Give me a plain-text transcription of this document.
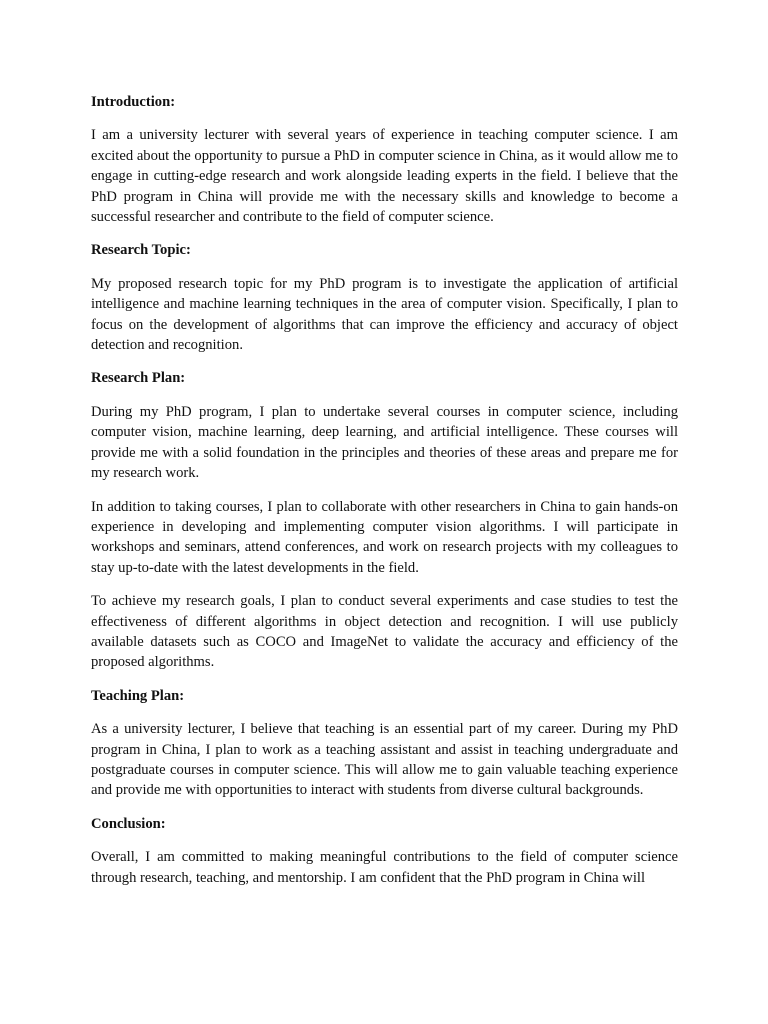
Introduction:

I am a university lecturer with several years of experience in teaching computer science. I am excited about the opportunity to pursue a PhD in computer science in China, as it would allow me to engage in cutting-edge research and work alongside leading experts in the field. I believe that the PhD program in China will provide me with the necessary skills and knowledge to become a successful researcher and contribute to the field of computer science.

Research Topic:

My proposed research topic for my PhD program is to investigate the application of artificial intelligence and machine learning techniques in the area of computer vision. Specifically, I plan to focus on the development of algorithms that can improve the efficiency and accuracy of object detection and recognition.

Research Plan:

During my PhD program, I plan to undertake several courses in computer science, including computer vision, machine learning, deep learning, and artificial intelligence. These courses will provide me with a solid foundation in the principles and theories of these areas and prepare me for my research work.

In addition to taking courses, I plan to collaborate with other researchers in China to gain hands-on experience in developing and implementing computer vision algorithms. I will participate in workshops and seminars, attend conferences, and work on research projects with my colleagues to stay up-to-date with the latest developments in the field.

To achieve my research goals, I plan to conduct several experiments and case studies to test the effectiveness of different algorithms in object detection and recognition. I will use publicly available datasets such as COCO and ImageNet to validate the accuracy and efficiency of the proposed algorithms.

Teaching Plan:

As a university lecturer, I believe that teaching is an essential part of my career. During my PhD program in China, I plan to work as a teaching assistant and assist in teaching undergraduate and postgraduate courses in computer science. This will allow me to gain valuable teaching experience and provide me with opportunities to interact with students from diverse cultural backgrounds.

Conclusion:

Overall, I am committed to making meaningful contributions to the field of computer science through research, teaching, and mentorship. I am confident that the PhD program in China will
